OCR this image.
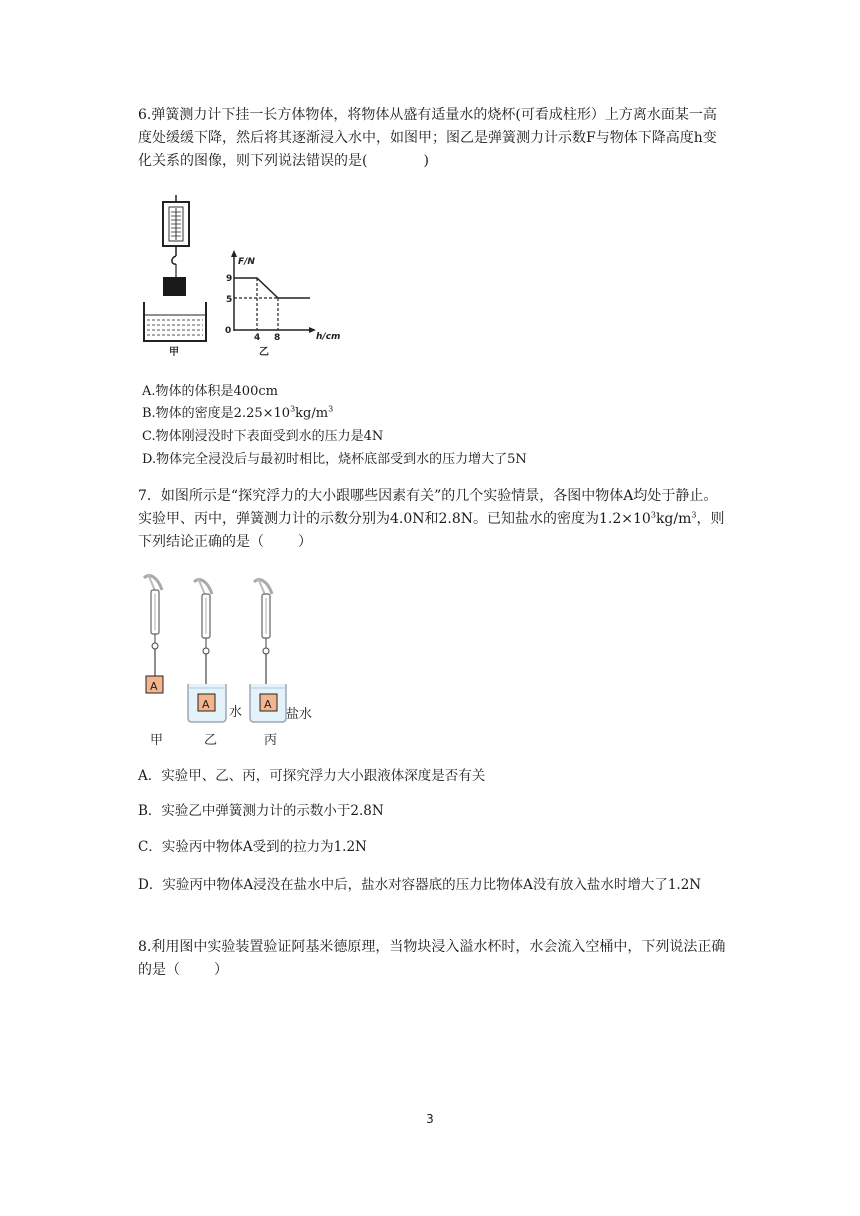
6.弹簧测力计下挂一长方体物体，将物体从盛有适量水的烧杯(可看成柱形）上方离水面某一高度处缓缓下降，然后将其逐渐浸入水中，如图甲；图乙是弹簧测力计示数F与物体下降高度h变化关系的图像，则下列说法错误的是(	)
甲
F/N
h/cm
0
9
5
4 8
乙
A.物体的体积是400cm
B.物体的密度是$2.25\times 10^3kg/m^3$
C.物体刚浸没时下表面受到水的压力是4N
D.物体完全浸没后与最初时相比，烧杯底部受到水的压力增大了5N
7．如图所示是“探究浮力的大小跟哪些因素有关”的几个实验情景，各图中物体A均处于静止。实验甲、丙中，弹簧测力计的示数分别为4.0N和2.8N。已知盐水的密度为$1.2\times 10^3kg/m^3$，则下列结论正确的是（ ）
A
A
水
A
盐水
甲	乙	丙
A．实验甲、乙、丙，可探究浮力大小跟液体深度是否有关
B．实验乙中弹簧测力计的示数小于2.8N
C．实验丙中物体A受到的拉力为1.2N
D．实验丙中物体A浸没在盐水中后，盐水对容器底的压力比物体A没有放入盐水时增大了1.2N
8.利用图中实验装置验证阿基米德原理，当物块浸入溢水杯时，水会流入空桶中，下列说法正确的是（ ）
3
